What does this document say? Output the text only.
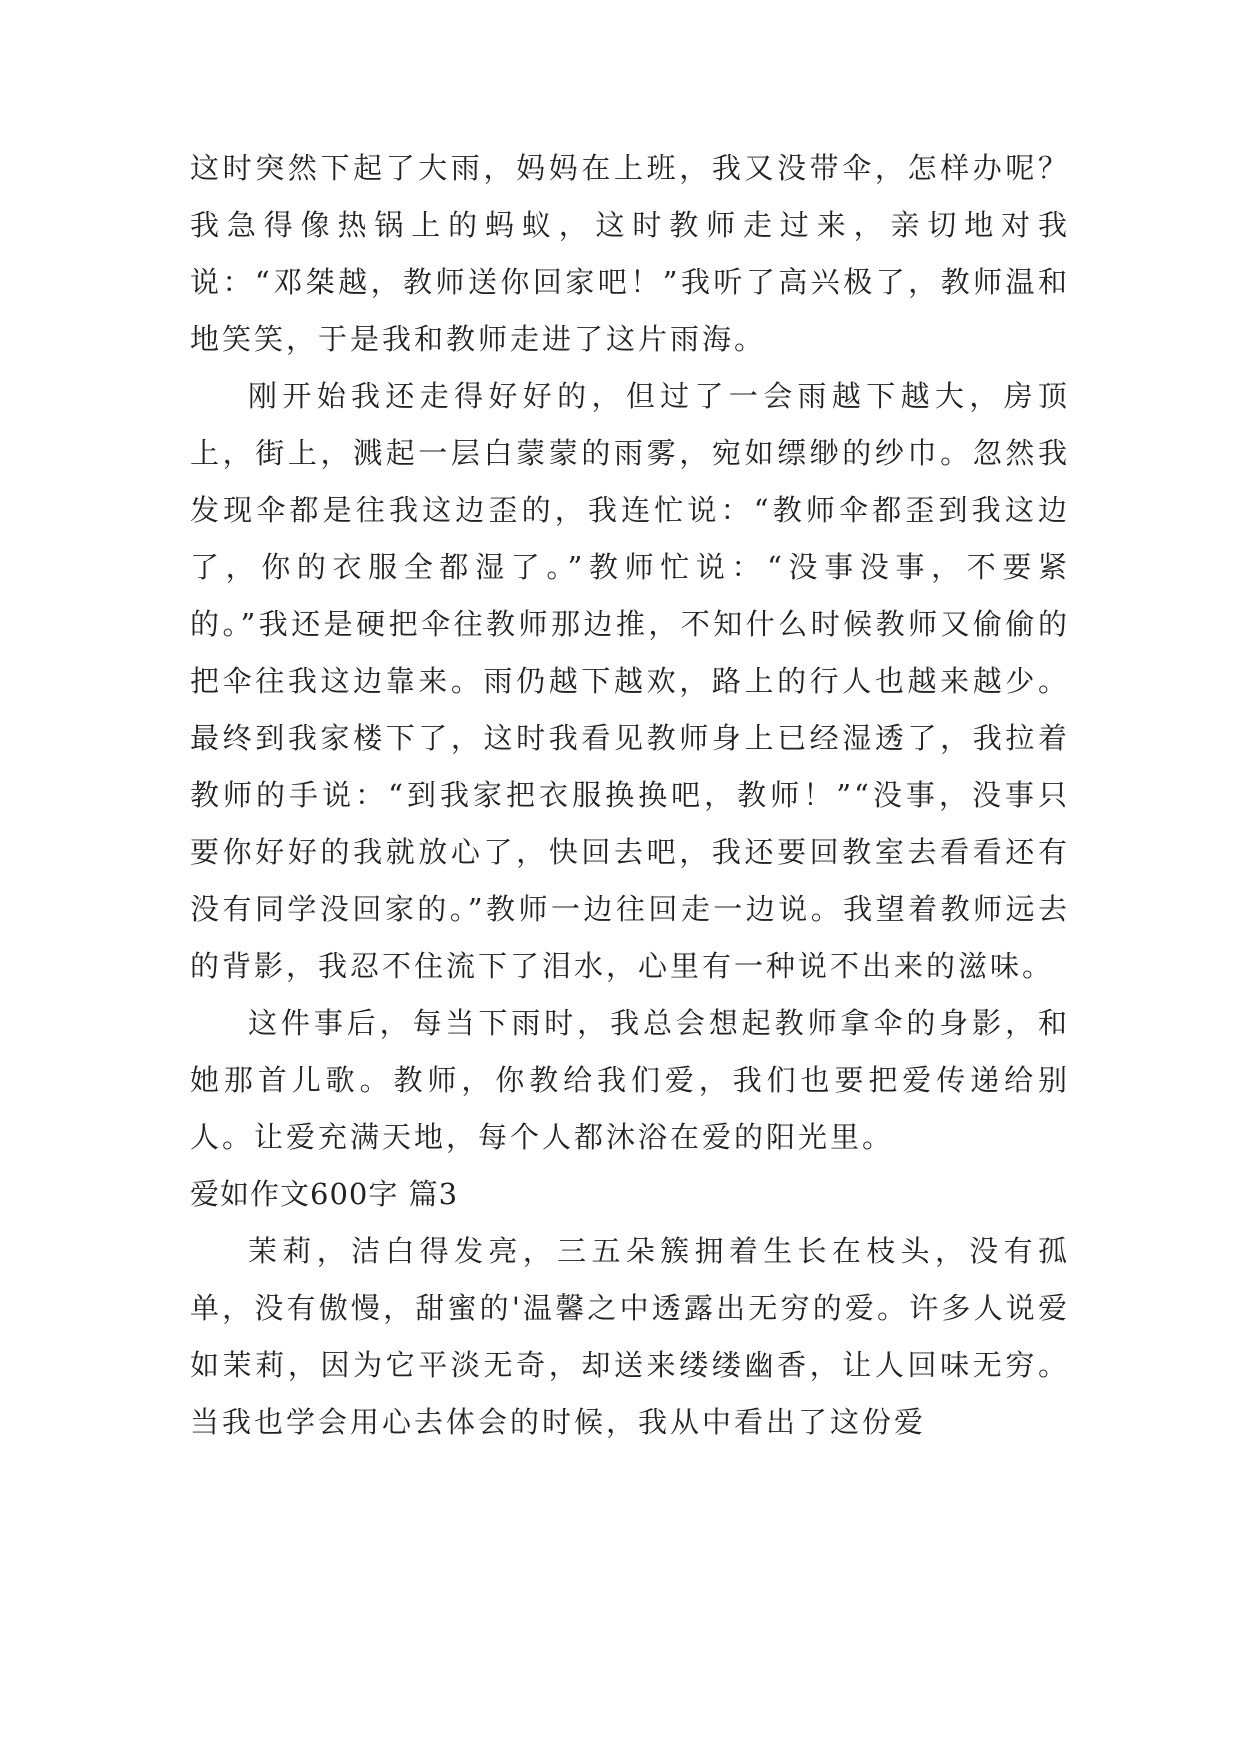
这时突然下起了大雨，妈妈在上班，我又没带伞，怎样办呢？我急得像热锅上的蚂蚁，这时教师走过来，亲切地对我说：“邓桀越，教师送你回家吧！”我听了高兴极了，教师温和地笑笑，于是我和教师走进了这片雨海。

刚开始我还走得好好的，但过了一会雨越下越大，房顶上，街上，溅起一层白蒙蒙的雨雾，宛如缥缈的纱巾。忽然我发现伞都是往我这边歪的，我连忙说：“教师伞都歪到我这边了，你的衣服全都湿了。”教师忙说：“没事没事，不要紧的。”我还是硬把伞往教师那边推，不知什么时候教师又偷偷的把伞往我这边靠来。雨仍越下越欢，路上的行人也越来越少。最终到我家楼下了，这时我看见教师身上已经湿透了，我拉着教师的手说：“到我家把衣服换换吧，教师！”“没事，没事只要你好好的我就放心了，快回去吧，我还要回教室去看看还有没有同学没回家的。”教师一边往回走一边说。我望着教师远去的背影，我忍不住流下了泪水，心里有一种说不出来的滋味。

这件事后，每当下雨时，我总会想起教师拿伞的身影，和她那首儿歌。教师，你教给我们爱，我们也要把爱传递给别人。让爱充满天地，每个人都沐浴在爱的阳光里。

爱如作文600字 篇3

茉莉，洁白得发亮，三五朵簇拥着生长在枝头，没有孤单，没有傲慢，甜蜜的'温馨之中透露出无穷的爱。许多人说爱如茉莉，因为它平淡无奇，却送来缕缕幽香，让人回味无穷。当我也学会用心去体会的时候，我从中看出了这份爱
